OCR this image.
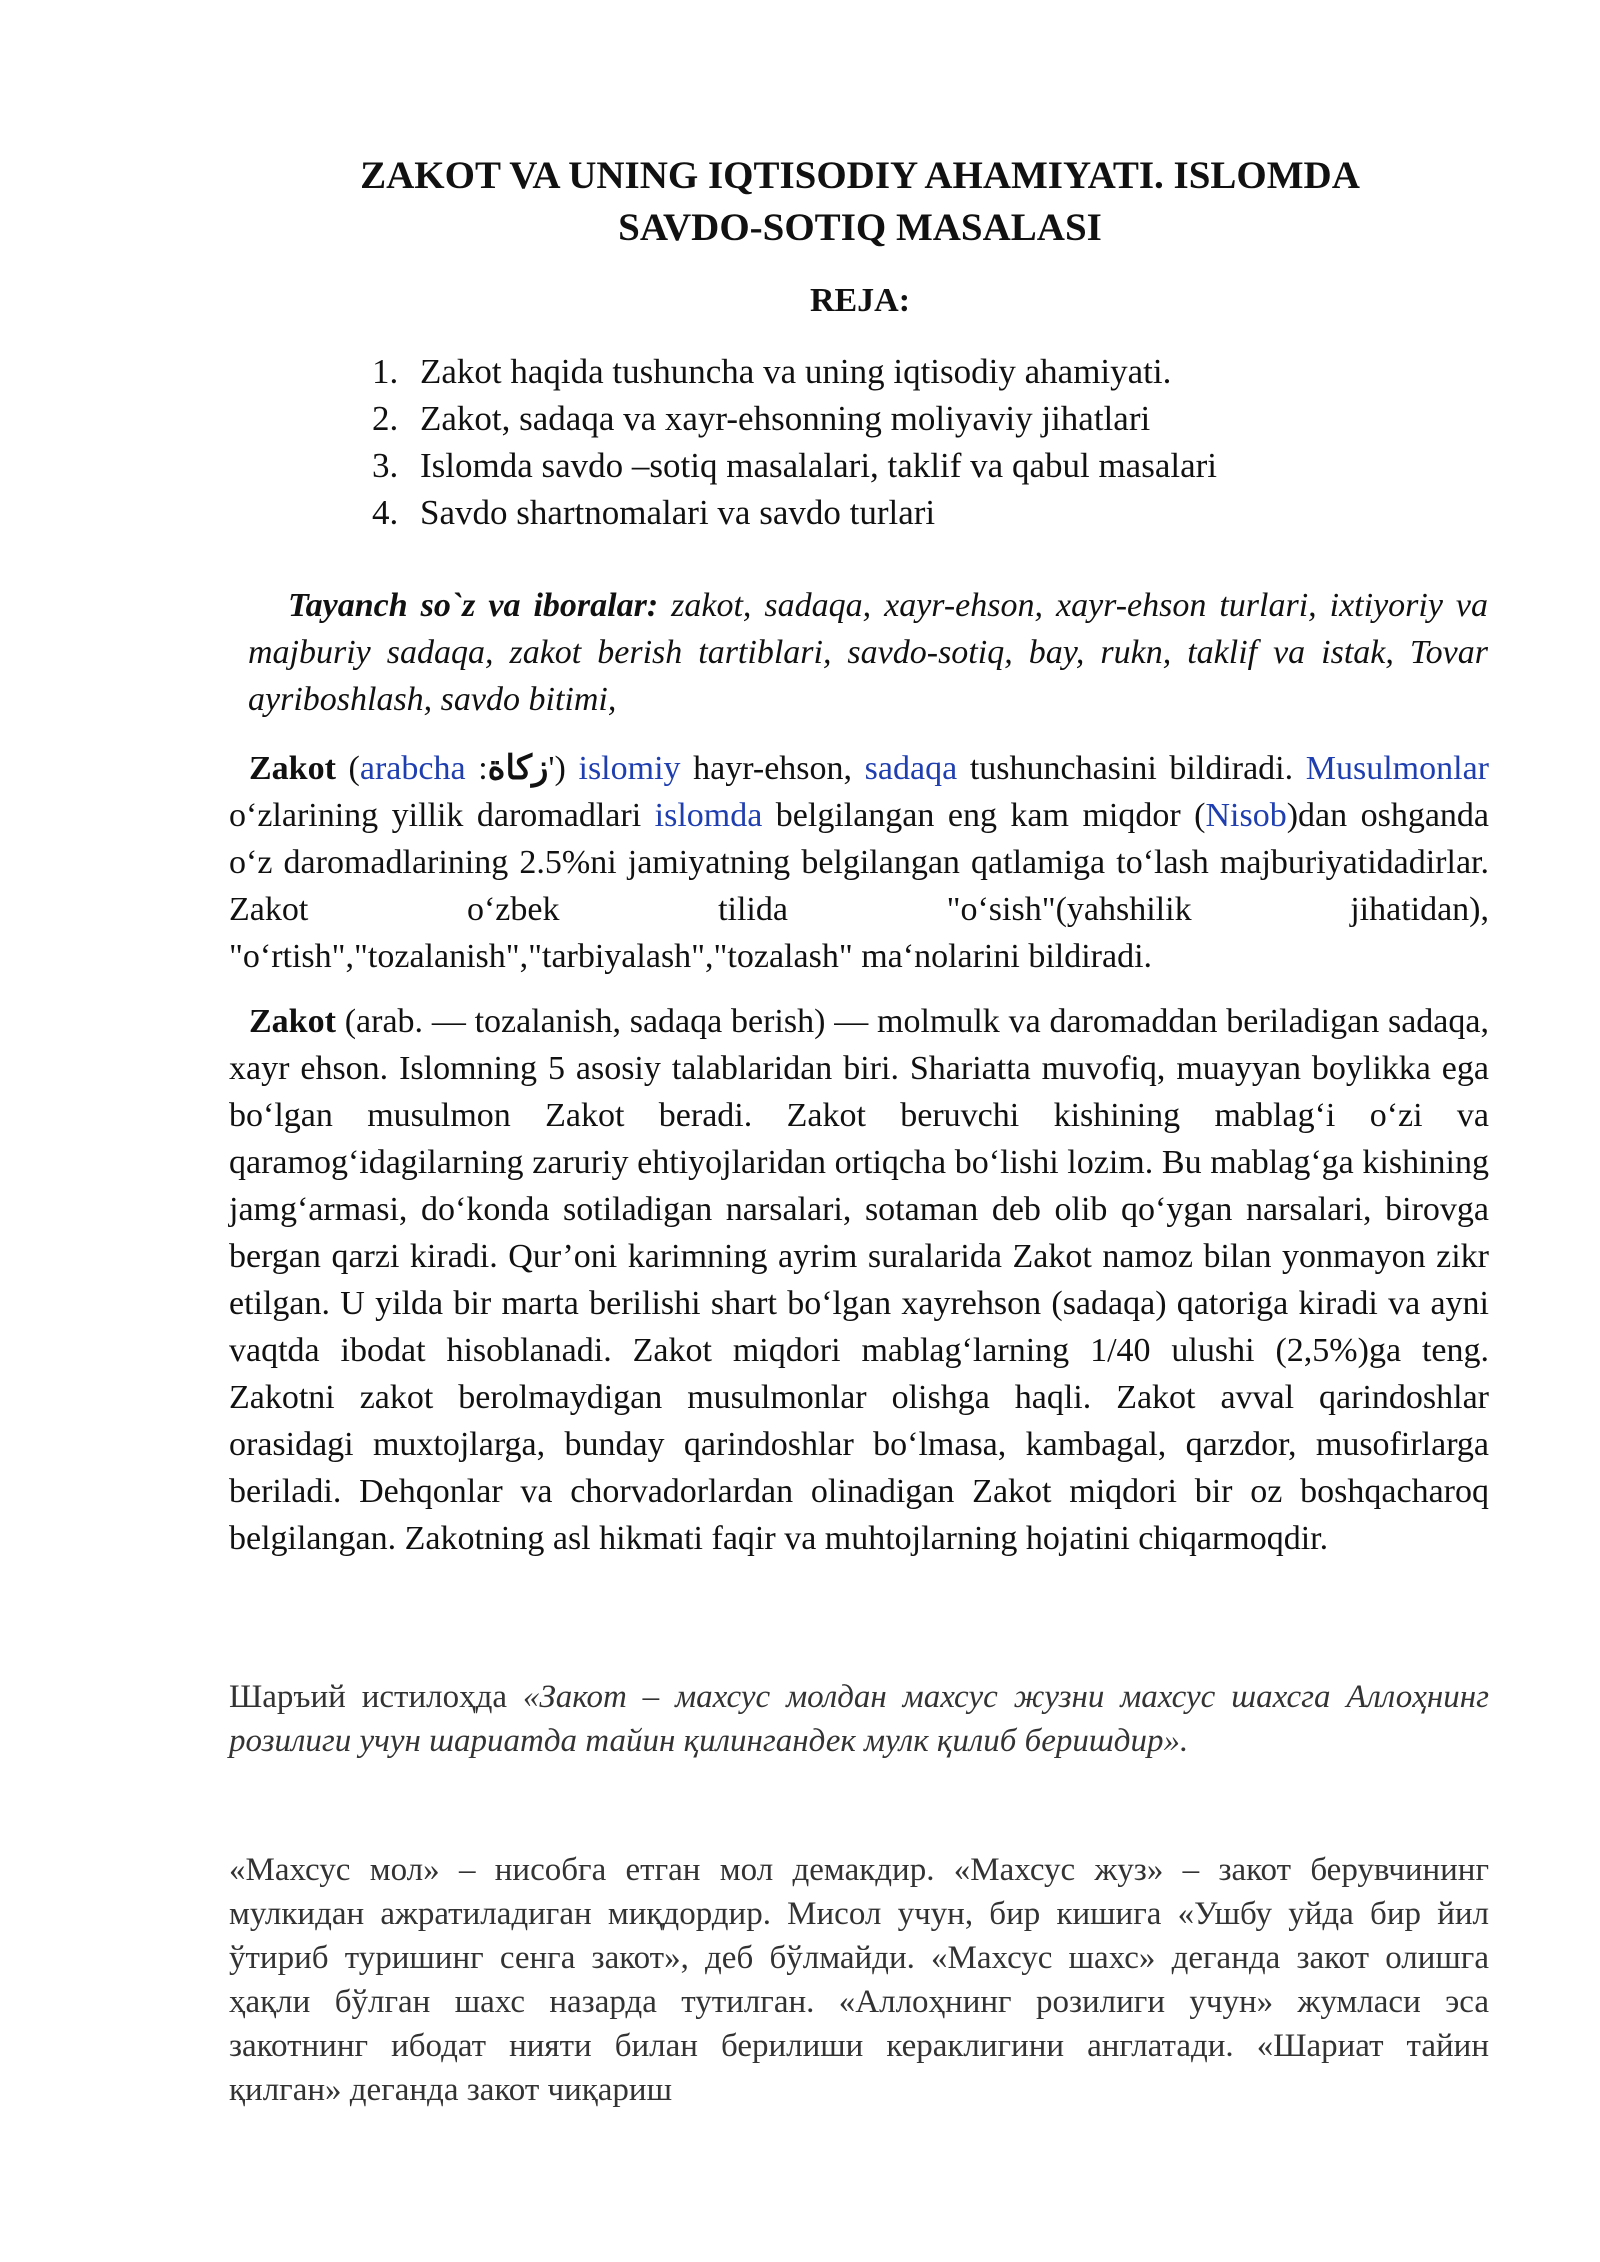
ZAKOT VA UNING IQTISODIY AHAMIYATI. ISLOMDA
SAVDO-SOTIQ MASALASI
REJA:
1. Zakot haqida tushuncha va uning iqtisodiy ahamiyati.
2. Zakot, sadaqa va xayr-ehsonning moliyaviy jihatlari
3. Islomda savdo –sotiq masalalari, taklif va qabul masalari
4. Savdo shartnomalari va savdo turlari

Tayanch so`z va iboralar: zakot, sadaqa, xayr-ehson, xayr-ehson turlari, ixtiyoriy va majburiy sadaqa, zakot berish tartiblari, savdo-sotiq, bay, rukn, taklif va istak, Tovar ayriboshlash, savdo bitimi,

Zakot (arabcha :زكاة') islomiy hayr-ehson, sadaqa tushunchasini bildiradi. Musulmonlar o‘zlarining yillik daromadlari islomda belgilangan eng kam miqdor (Nisob)dan oshganda o‘z daromadlarining 2.5%ni jamiyatning belgilangan qatlamiga to‘lash majburiyatidadirlar. Zakot o‘zbek tilida "o‘sish"(yahshilik jihatidan), "o‘rtish","tozalanish","tarbiyalash","tozalash" ma‘nolarini bildiradi.

Zakot (arab. — tozalanish, sadaqa berish) — molmulk va daromaddan beriladigan sadaqa, xayr ehson. Islomning 5 asosiy talablaridan biri. Shariatta muvofiq, muayyan boylikka ega bo‘lgan musulmon Zakot beradi. Zakot beruvchi kishining mablag‘i o‘zi va qaramog‘idagilarning zaruriy ehtiyojlaridan ortiqcha bo‘lishi lozim. Bu mablag‘ga kishining jamg‘armasi, do‘konda sotiladigan narsalari, sotaman deb olib qo‘ygan narsalari, birovga bergan qarzi kiradi. Qur’oni karimning ayrim suralarida Zakot namoz bilan yonmayon zikr etilgan. U yilda bir marta berilishi shart bo‘lgan xayrehson (sadaqa) qatoriga kiradi va ayni vaqtda ibodat hisoblanadi. Zakot miqdori mablag‘larning 1/40 ulushi (2,5%)ga teng. Zakotni zakot berolmaydigan musulmonlar olishga haqli. Zakot avval qarindoshlar orasidagi muxtojlarga, bunday qarindoshlar bo‘lmasa, kambagal, qarzdor, musofirlarga beriladi. Dehqonlar va chorvadorlardan olinadigan Zakot miqdori bir oz boshqacharoq belgilangan. Zakotning asl hikmati faqir va muhtojlarning hojatini chiqarmoqdir.

Шаръий истилоҳда «Закот – махсус молдан махсус жузни махсус шахсга Аллоҳнинг розилиги учун шариатда тайин қилингандек мулк қилиб беришдир».

«Махсус мол» – нисобга етган мол демакдир. «Махсус жуз» – закот берувчининг мулкидан ажратиладиган миқдордир. Мисол учун, бир кишига «Ушбу уйда бир йил ўтириб туришинг сенга закот», деб бўлмайди. «Махсус шахс» деганда закот олишга ҳақли бўлган шахс назарда тутилган. «Аллоҳнинг розилиги учун» жумласи эса закотнинг ибодат нияти билан берилиши кераклигини англатади. «Шариат тайин қилган» деганда закот чиқариш
